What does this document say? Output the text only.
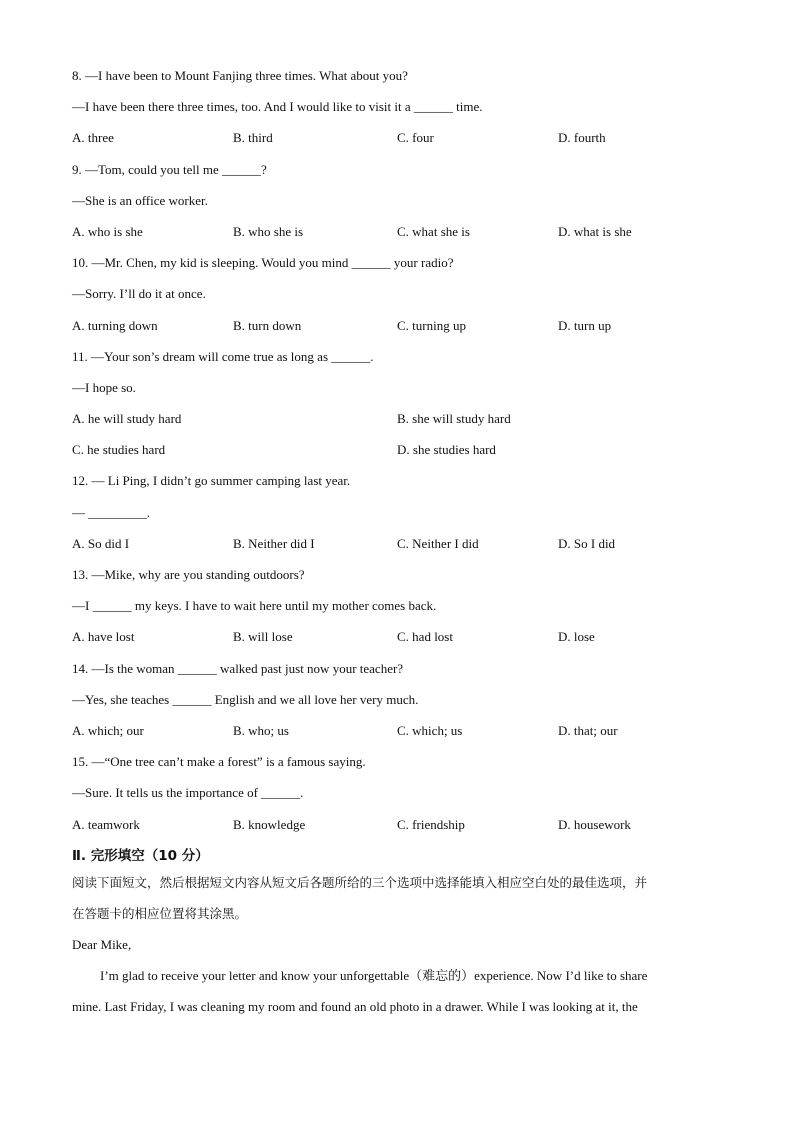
8. —I have been to Mount Fanjing three times. What about you?
—I have been there three times, too. And I would like to visit it a ______ time.
A. three	B. third	C. four	D. fourth
9. —Tom, could you tell me ______?
—She is an office worker.
A. who is she	B. who she is	C. what she is	D. what is she
10. —Mr. Chen, my kid is sleeping. Would you mind ______ your radio?
—Sorry. I’ll do it at once.
A. turning down	B. turn down	C. turning up	D. turn up
11. —Your son’s dream will come true as long as ______.
—I hope so.
A. he will study hard	B. she will study hard
C. he studies hard	D. she studies hard
12. — Li Ping, I didn’t go summer camping last year.
— _________.
A. So did I	B. Neither did I	C. Neither I did	D. So I did
13. —Mike, why are you standing outdoors?
—I ______ my keys. I have to wait here until my mother comes back.
A. have lost	B. will lose	C. had lost	D. lose
14. —Is the woman ______ walked past just now your teacher?
—Yes, she teaches ______ English and we all love her very much.
A. which; our	B. who; us	C. which; us	D. that; our
15. —“One tree can’t make a forest” is a famous saying.
—Sure. It tells us the importance of ______.
A. teamwork	B. knowledge	C. friendship	D. housework
Ⅱ. 完形填空（10 分）
阅读下面短文，然后根据短文内容从短文后各题所给的三个选项中选择能填入相应空白处的最佳选项，并
在答题卡的相应位置将其涂黑。
Dear Mike,
I’m glad to receive your letter and know your unforgettable（难忘的）experience. Now I’d like to share
mine. Last Friday, I was cleaning my room and found an old photo in a drawer. While I was looking at it, the
